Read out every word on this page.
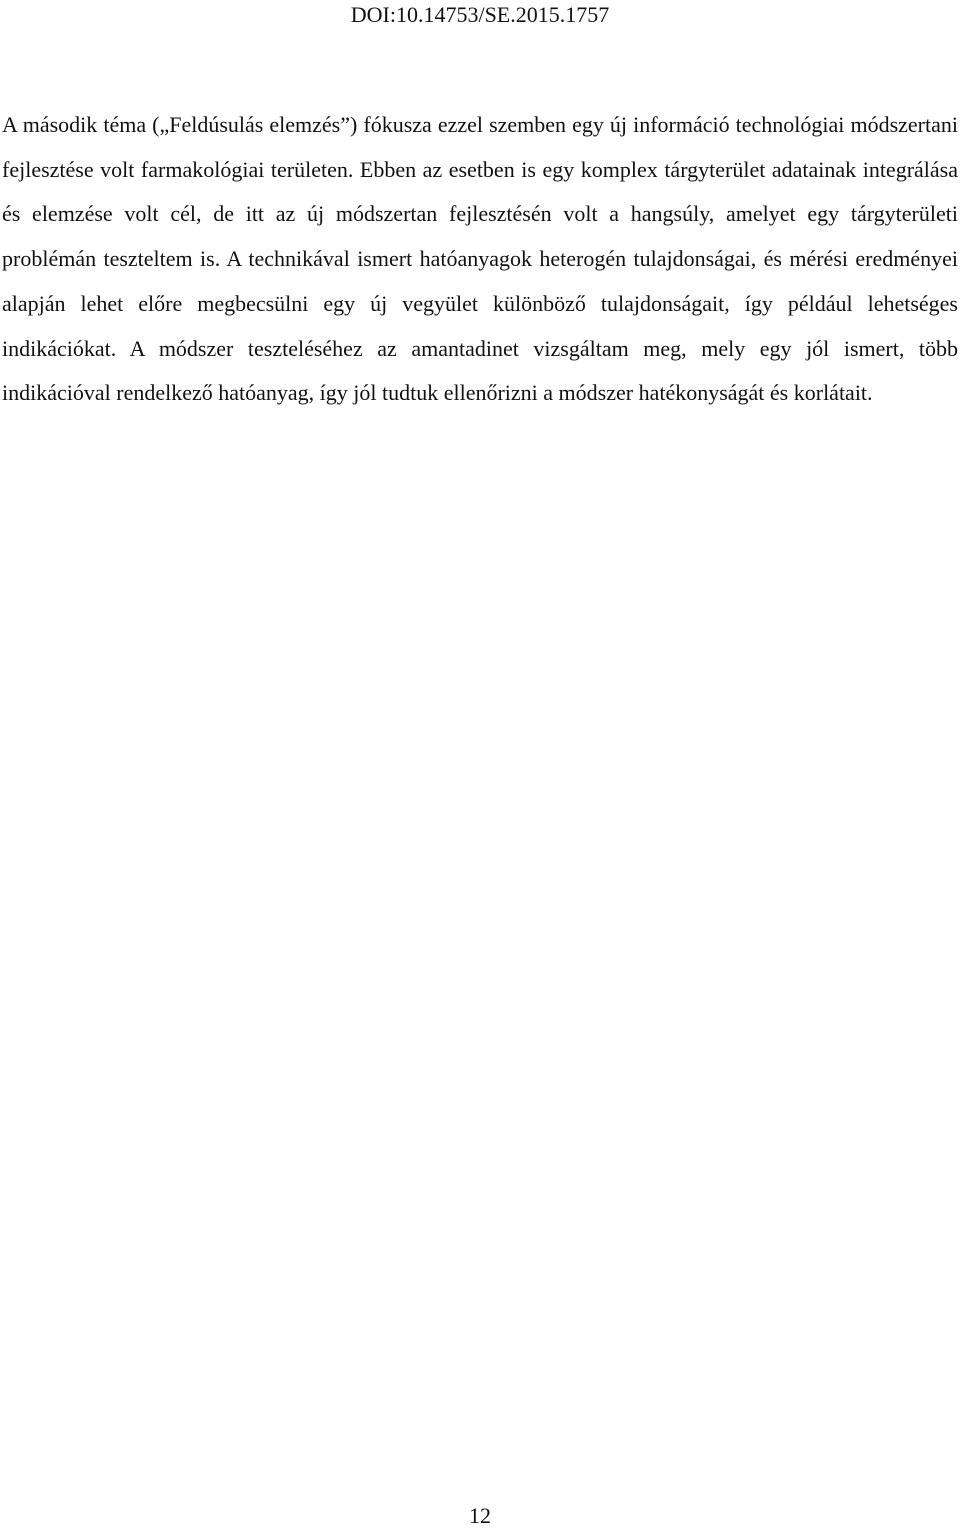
DOI:10.14753/SE.2015.1757

A második téma („Feldúsulás elemzés”) fókusza ezzel szemben egy új információ technológiai módszertani fejlesztése volt farmakológiai területen. Ebben az esetben is egy komplex tárgyterület adatainak integrálása és elemzése volt cél, de itt az új módszertan fejlesztésén volt a hangsúly, amelyet egy tárgyterületi problémán teszteltem is. A technikával ismert hatóanyagok heterogén tulajdonságai, és mérési eredményei alapján lehet előre megbecsülni egy új vegyület különböző tulajdonságait, így például lehetséges indikációkat. A módszer teszteléséhez az amantadinet vizsgáltam meg, mely egy jól ismert, több indikációval rendelkező hatóanyag, így jól tudtuk ellenőrizni a módszer hatékonyságát és korlátait.

12
